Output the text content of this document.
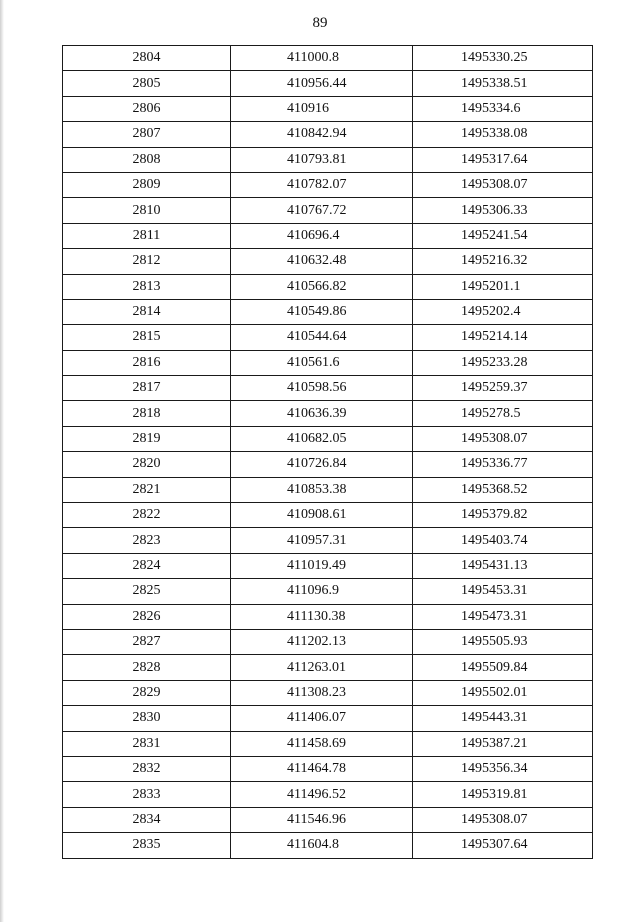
89
2804	411000.8	1495330.25
2805	410956.44	1495338.51
2806	410916	1495334.6
2807	410842.94	1495338.08
2808	410793.81	1495317.64
2809	410782.07	1495308.07
2810	410767.72	1495306.33
2811	410696.4	1495241.54
2812	410632.48	1495216.32
2813	410566.82	1495201.1
2814	410549.86	1495202.4
2815	410544.64	1495214.14
2816	410561.6	1495233.28
2817	410598.56	1495259.37
2818	410636.39	1495278.5
2819	410682.05	1495308.07
2820	410726.84	1495336.77
2821	410853.38	1495368.52
2822	410908.61	1495379.82
2823	410957.31	1495403.74
2824	411019.49	1495431.13
2825	411096.9	1495453.31
2826	411130.38	1495473.31
2827	411202.13	1495505.93
2828	411263.01	1495509.84
2829	411308.23	1495502.01
2830	411406.07	1495443.31
2831	411458.69	1495387.21
2832	411464.78	1495356.34
2833	411496.52	1495319.81
2834	411546.96	1495308.07
2835	411604.8	1495307.64
